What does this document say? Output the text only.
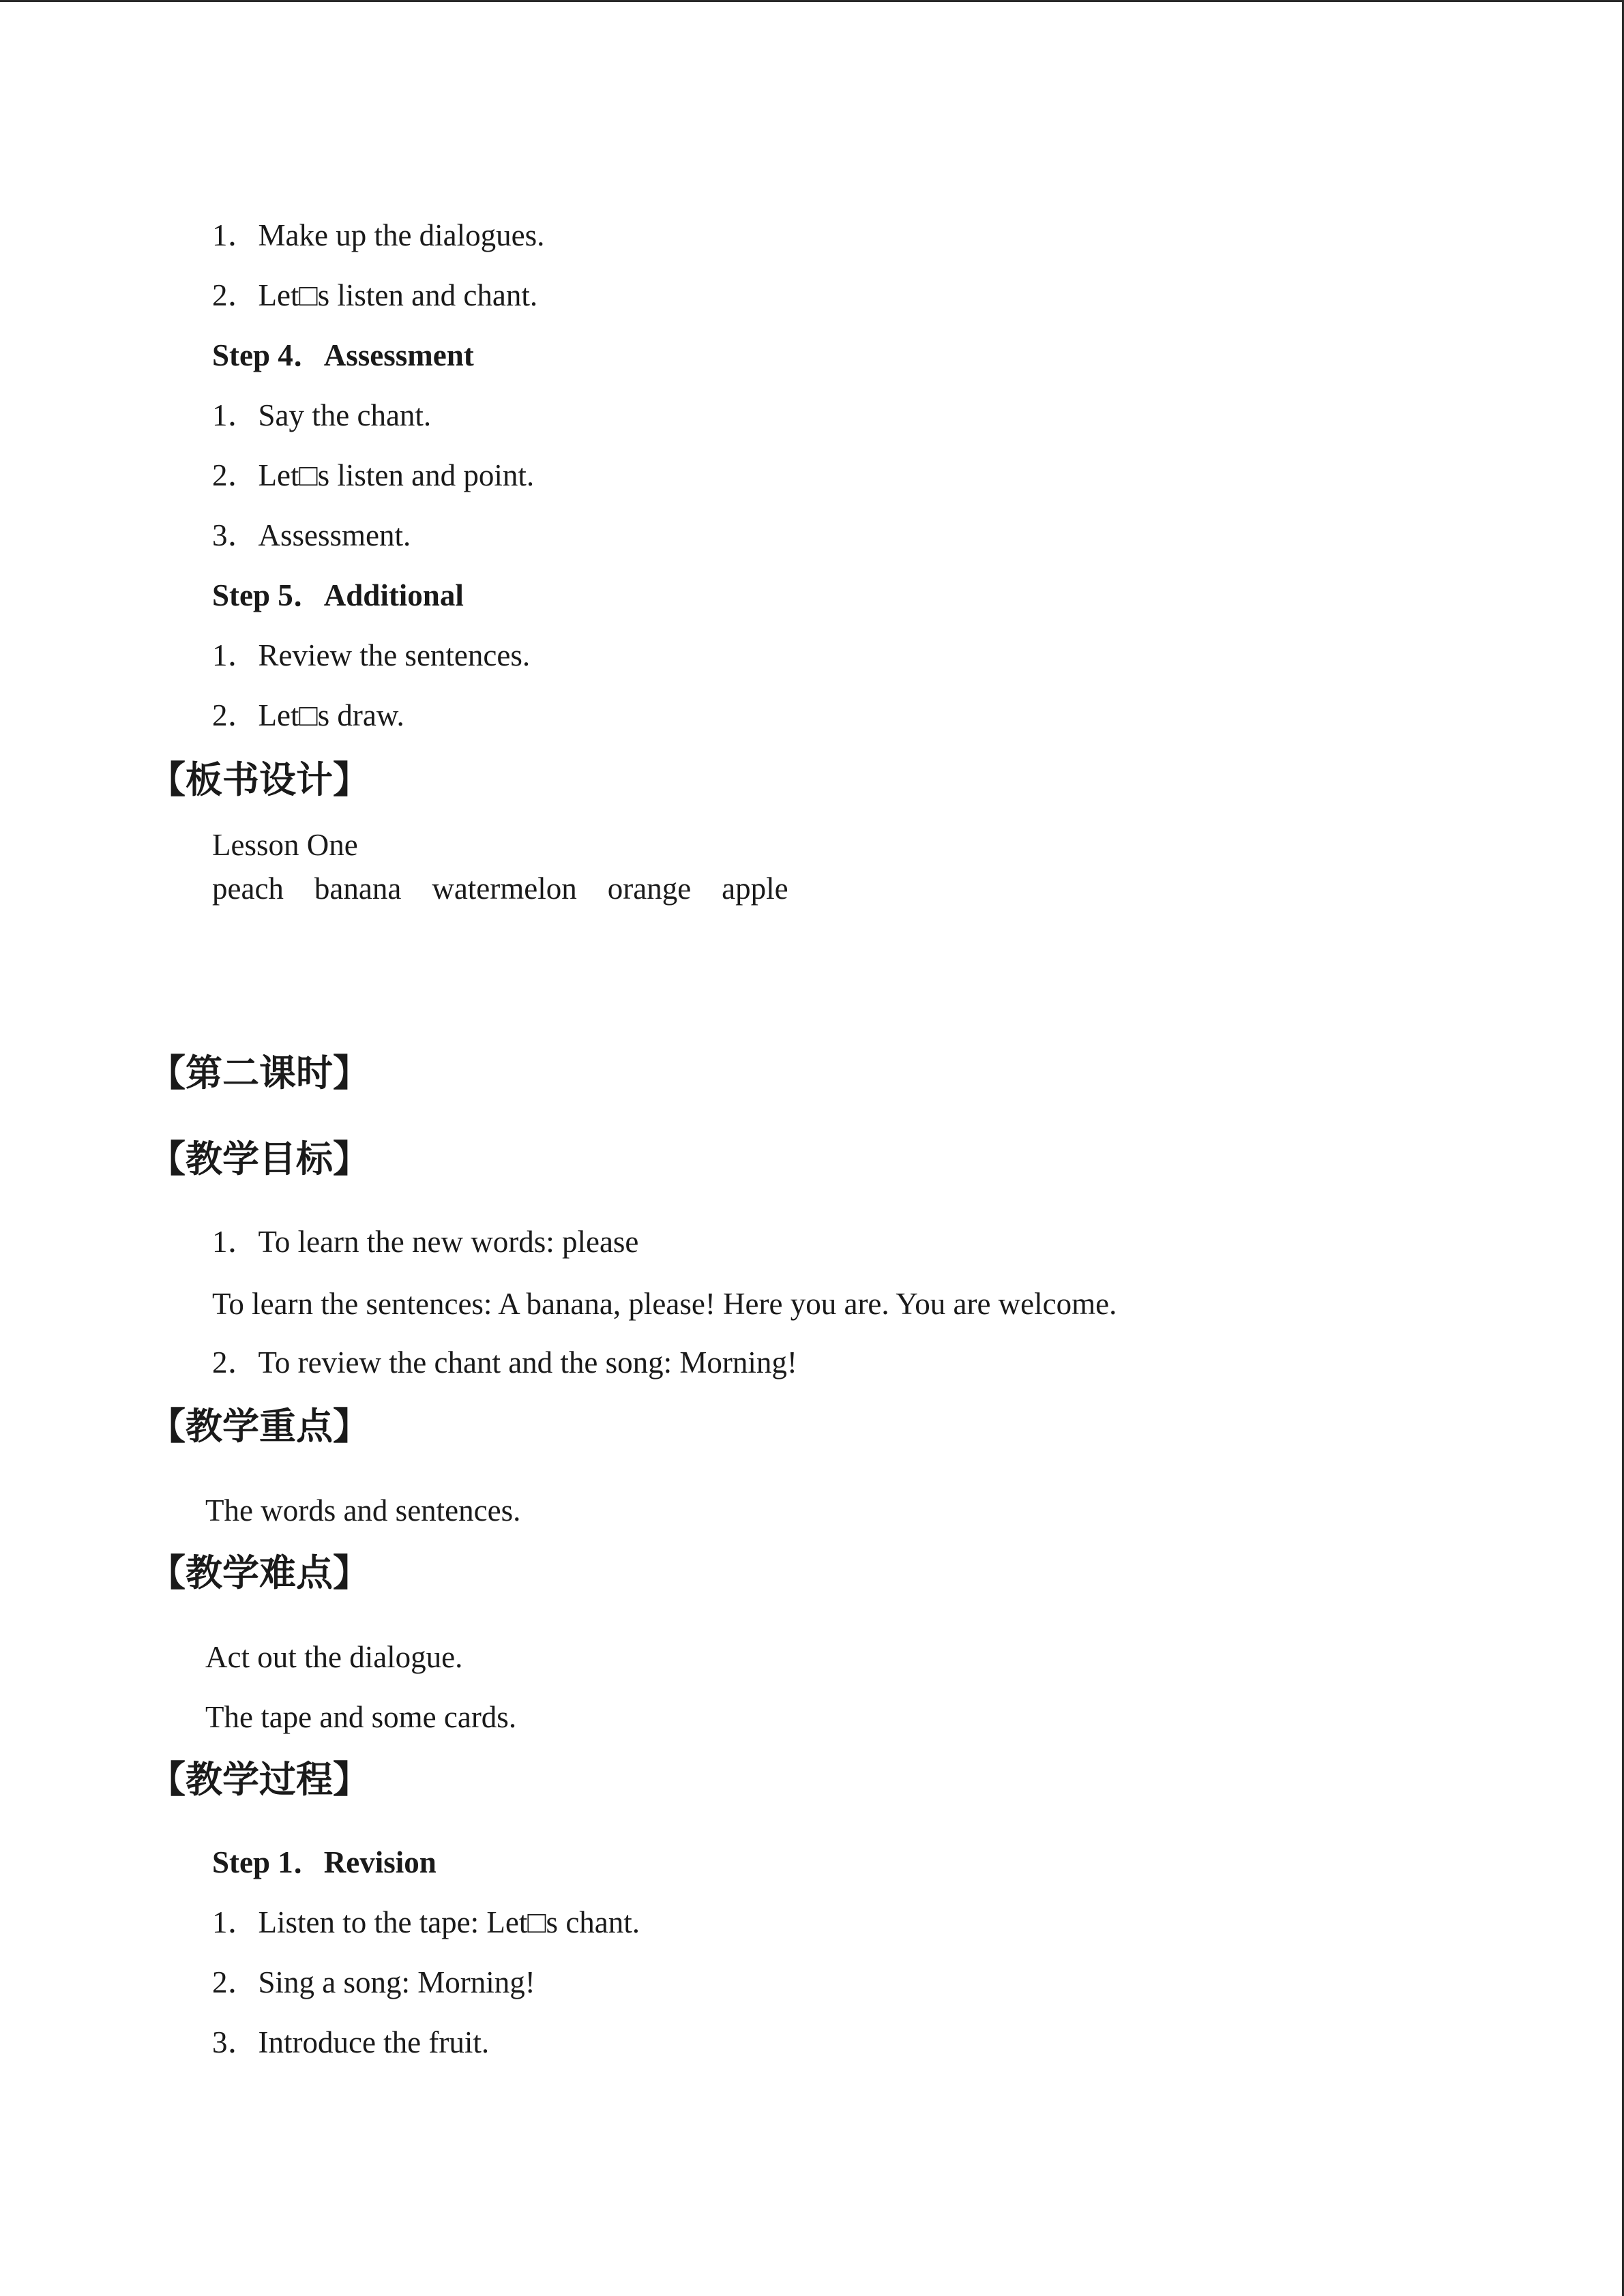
1．Make up the dialogues.
2．Let□s listen and chant.
Step 4．Assessment
1．Say the chant.
2．Let□s listen and point.
3．Assessment.
Step 5．Additional
1．Review the sentences.
2．Let□s draw.
【板书设计】
Lesson One
peach    banana    watermelon    orange    apple
【第二课时】
【教学目标】
1．To learn the new words: please
To learn the sentences: A banana, please! Here you are. You are welcome.
2．To review the chant and the song: Morning!
【教学重点】
The words and sentences.
【教学难点】
Act out the dialogue.
The tape and some cards.
【教学过程】
Step 1．Revision
1．Listen to the tape: Let□s chant.
2．Sing a song: Morning!
3．Introduce the fruit.
